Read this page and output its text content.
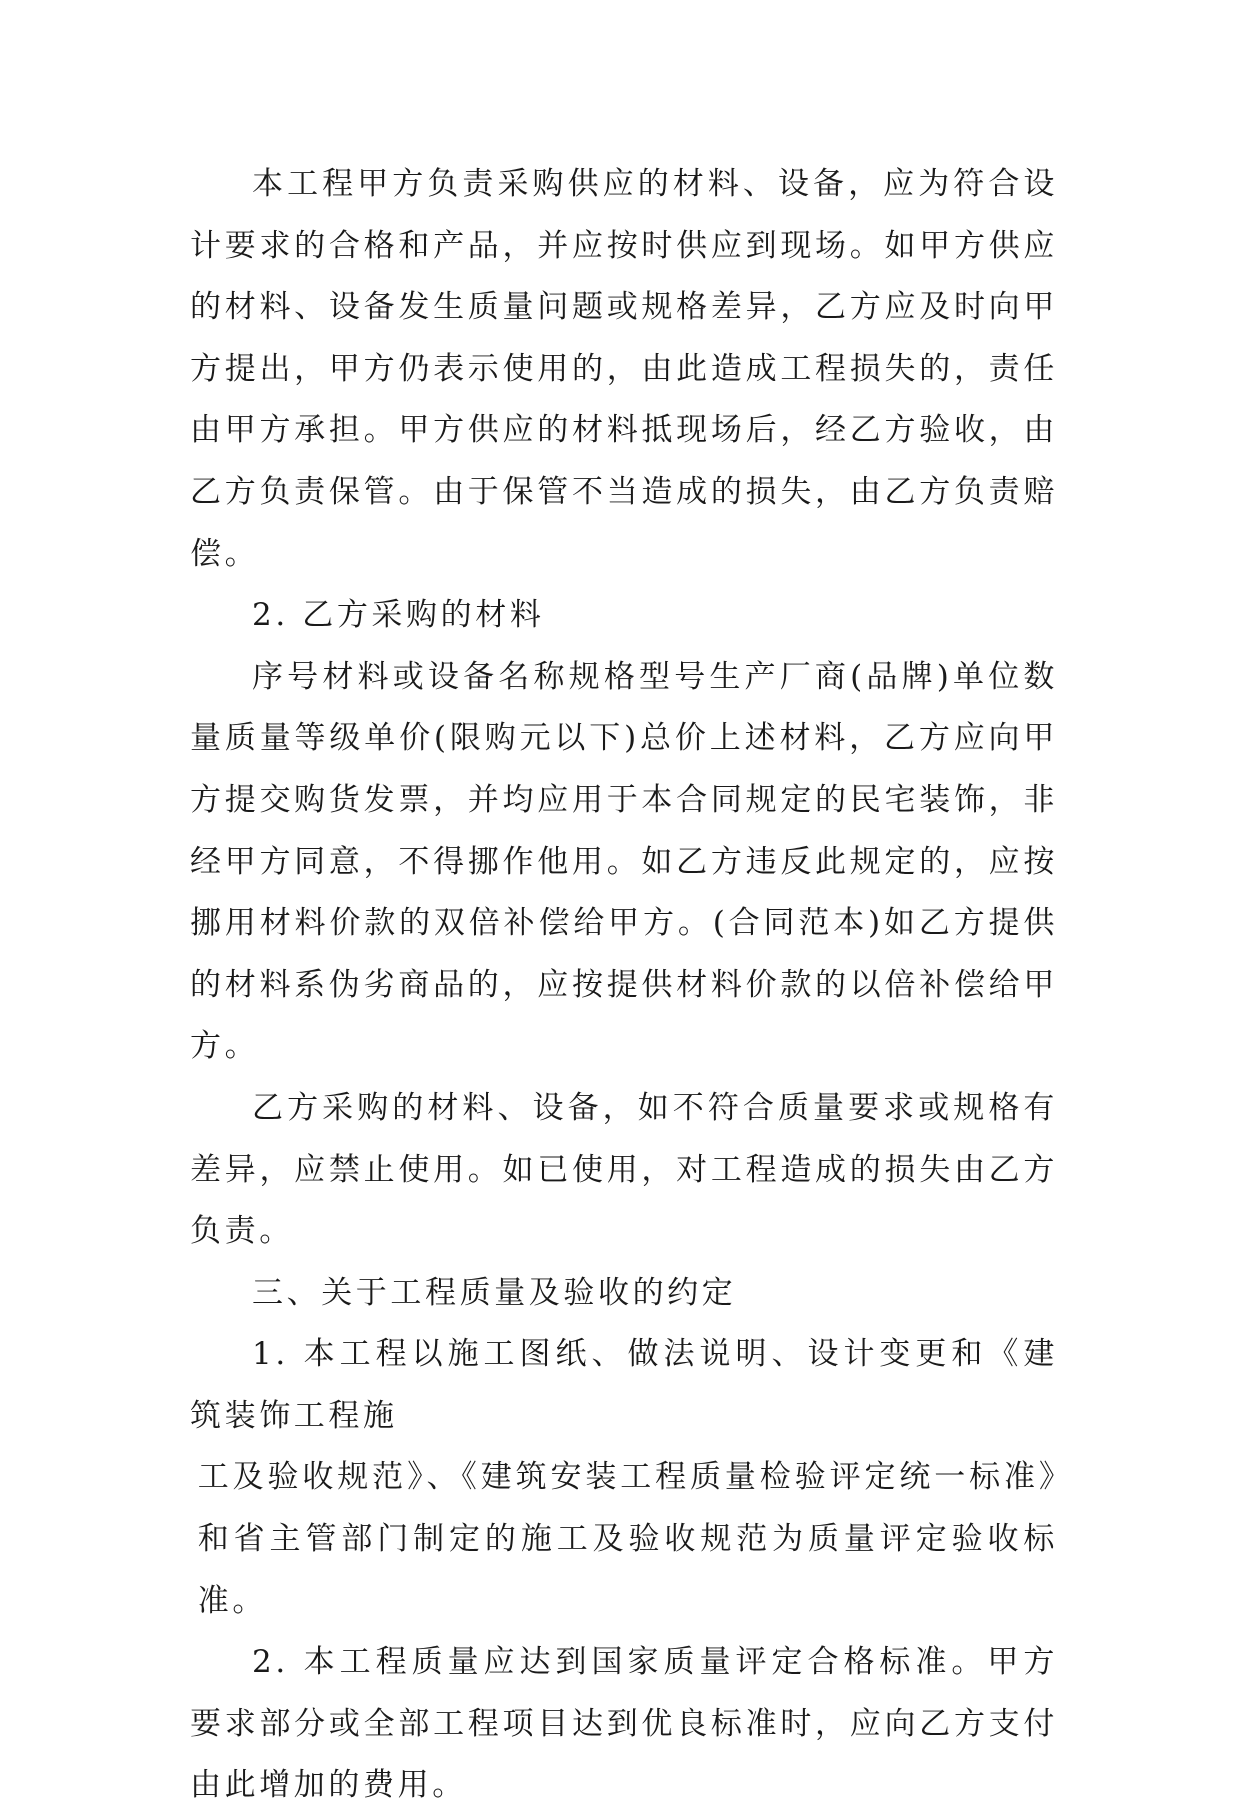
本工程甲方负责采购供应的材料、设备，应为符合设计要求的合格和产品，并应按时供应到现场。如甲方供应的材料、设备发生质量问题或规格差异，乙方应及时向甲方提出，甲方仍表示使用的，由此造成工程损失的，责任由甲方承担。甲方供应的材料抵现场后，经乙方验收，由乙方负责保管。由于保管不当造成的损失，由乙方负责赔偿。

2. 乙方采购的材料

序号材料或设备名称规格型号生产厂商(品牌)单位数量质量等级单价(限购元以下)总价上述材料，乙方应向甲方提交购货发票，并均应用于本合同规定的民宅装饰，非经甲方同意，不得挪作他用。如乙方违反此规定的，应按挪用材料价款的双倍补偿给甲方。(合同范本)如乙方提供的材料系伪劣商品的，应按提供材料价款的以倍补偿给甲方。

乙方采购的材料、设备，如不符合质量要求或规格有差异，应禁止使用。如已使用，对工程造成的损失由乙方负责。

三、关于工程质量及验收的约定

1. 本工程以施工图纸、做法说明、设计变更和《建筑装饰工程施

工及验收规范》、《建筑安装工程质量检验评定统一标准》和省主管部门制定的施工及验收规范为质量评定验收标准。

2. 本工程质量应达到国家质量评定合格标准。甲方要求部分或全部工程项目达到优良标准时，应向乙方支付由此增加的费用。
